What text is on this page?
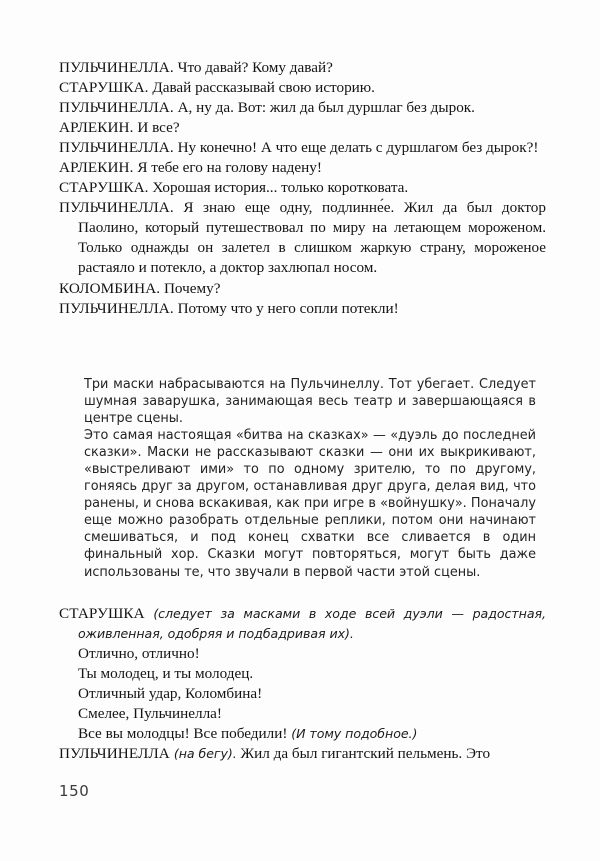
ПУЛЬЧИНЕЛЛА. Что давай? Кому давай?

СТАРУШКА. Давай рассказывай свою историю.

ПУЛЬЧИНЕЛЛА. А, ну да. Вот: жил да был дуршлаг без дырок.

АРЛЕКИН. И все?

ПУЛЬЧИНЕЛЛА. Ну конечно! А что еще делать с дуршлагом без дырок?!

АРЛЕКИН. Я тебе его на голову надену!

СТАРУШКА. Хорошая история... только коротковата.

ПУЛЬЧИНЕЛЛА. Я знаю еще одну, подлинне́е. Жил да был доктор Паолино, который путешествовал по миру на летающем мороженом. Только однажды он залетел в слишком жаркую страну, мороженое растаяло и потекло, а доктор захлюпал носом.

КОЛОМБИНА. Почему?

ПУЛЬЧИНЕЛЛА. Потому что у него сопли потекли!

Три маски набрасываются на Пульчинеллу. Тот убегает. Следует шумная заварушка, занимающая весь театр и завершающаяся в центре сцены.

Это самая настоящая «битва на сказках» — «дуэль до последней сказки». Маски не рассказывают сказки — они их выкрикивают, «выстреливают ими» то по одному зрителю, то по другому, гоняясь друг за другом, останавливая друг друга, делая вид, что ранены, и снова вскакивая, как при игре в «войнушку». Поначалу еще можно разобрать отдельные реплики, потом они начинают смешиваться, и под конец схватки все сливается в один финальный хор. Сказки могут повторяться, могут быть даже использованы те, что звучали в первой части этой сцены.

СТАРУШКА (следует за масками в ходе всей дуэли — радостная, оживленная, одобряя и подбадривая их).

Отлично, отлично!

Ты молодец, и ты молодец.

Отличный удар, Коломбина!

Смелее, Пульчинелла!

Все вы молодцы! Все победили! (И тому подобное.)

ПУЛЬЧИНЕЛЛА (на бегу). Жил да был гигантский пельмень. Это

150
